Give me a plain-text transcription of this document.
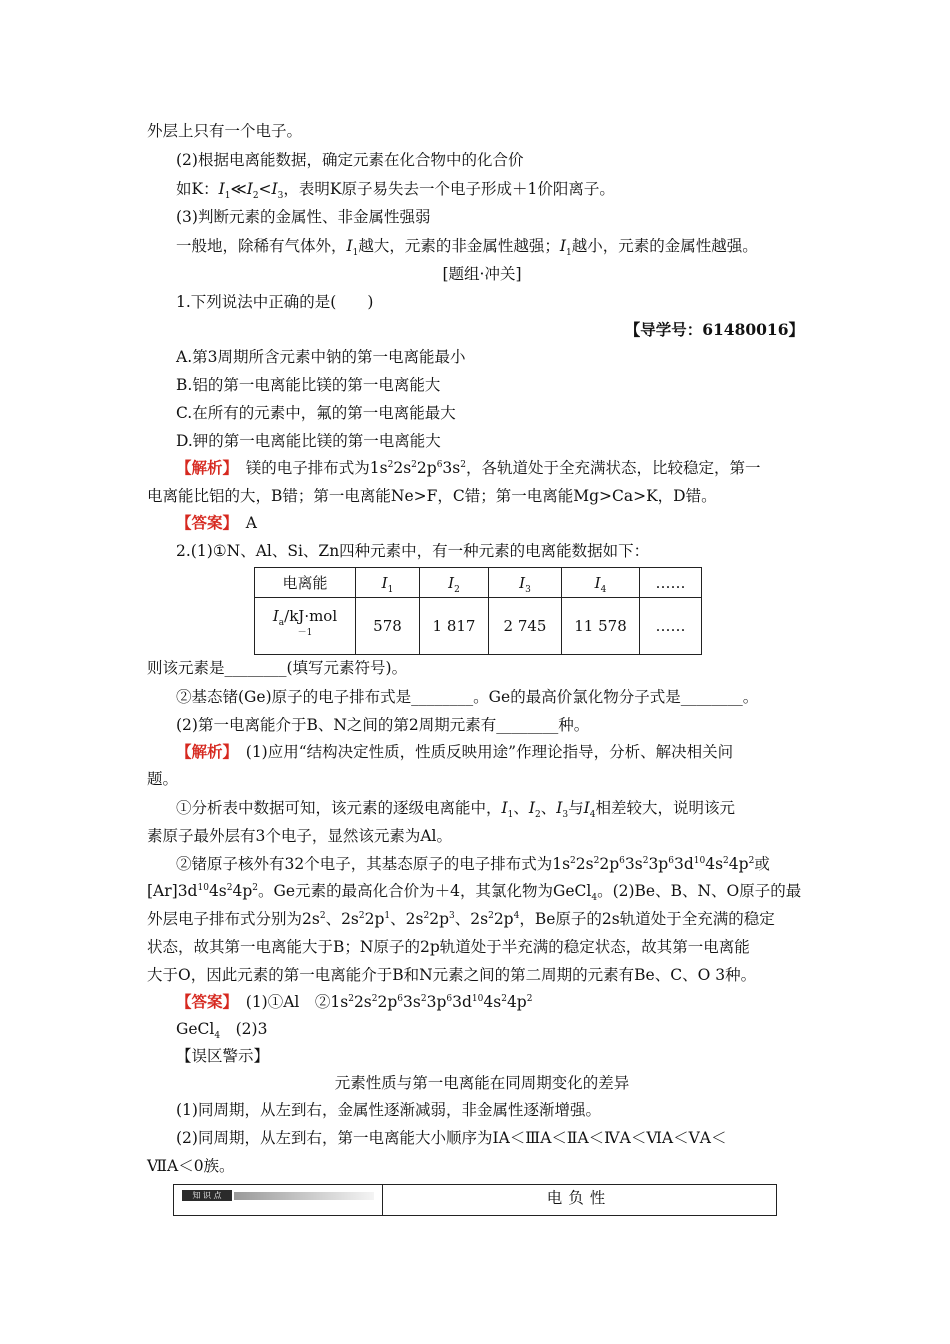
外层上只有一个电子。
(2)根据电离能数据，确定元素在化合物中的化合价
如K：$I_1≪I_2<I_3$，表明K原子易失去一个电子形成＋1价阳离子。
(3)判断元素的金属性、非金属性强弱
一般地，除稀有气体外，$I_1$越大，元素的非金属性越强；$I_1$越小，元素的金属性越强。
[题组·冲关]
1.下列说法中正确的是(　　)
【导学号：61480016】
A.第3周期所含元素中钠的第一电离能最小
B.铝的第一电离能比镁的第一电离能大
C.在所有的元素中，氟的第一电离能最大
D.钾的第一电离能比镁的第一电离能大
【解析】　镁的电子排布式为$1s^22s^22p^63s^2$，各轨道处于全充满状态，比较稳定，第一
电离能比铝的大，B错；第一电离能Ne>F，C错；第一电离能Mg>Ca>K，D错。
【答案】　A
2.(1)①N、Al、Si、Zn四种元素中，有一种元素的电离能数据如下：
电离能	$I_1$	$I_2$	$I_3$	$I_4$	……
$I_a/kJ\cdot mol$
$^{-1}$	578	1 817	2 745	11 578	……
则该元素是________(填写元素符号)。
②基态锗(Ge)原子的电子排布式是________。Ge的最高价氯化物分子式是________。
(2)第一电离能介于B、N之间的第2周期元素有________种。
【解析】　(1)应用“结构决定性质，性质反映用途”作理论指导，分析、解决相关问
题。
①分析表中数据可知，该元素的逐级电离能中，$I_1$、$I_2$、$I_3$与$I_4$相差较大，说明该元
素原子最外层有3个电子，显然该元素为Al。
②锗原子核外有32个电子，其基态原子的电子排布式为$1s^22s^22p^63s^23p^63d^{10}4s^24p^2$或
$[Ar]3d^{10}4s^24p^2$。Ge元素的最高化合价为＋4，其氯化物为GeCl$_4$。(2)Be、B、N、O原子的最
外层电子排布式分别为$2s^2$、$2s^22p^1$、$2s^22p^3$、$2s^22p^4$，Be原子的2s轨道处于全充满的稳定
状态，故其第一电离能大于B；N原子的2p轨道处于半充满的稳定状态，故其第一电离能
大于O，因此元素的第一电离能介于B和N元素之间的第二周期的元素有Be、C、O 3种。
【答案】　(1)①Al　$②1s^22s^22p^63s^23p^63d^{10}4s^24p^2$
GeCl$_4$　(2)3
【误区警示】
元素性质与第一电离能在同周期变化的差异
(1)同周期，从左到右，金属性逐渐减弱，非金属性逐渐增强。
(2)同周期，从左到右，第一电离能大小顺序为ⅠA＜ⅢA＜ⅡA＜ⅣA＜ⅥA＜ⅤA＜
ⅦA＜0族。
知 识 点	电负性
